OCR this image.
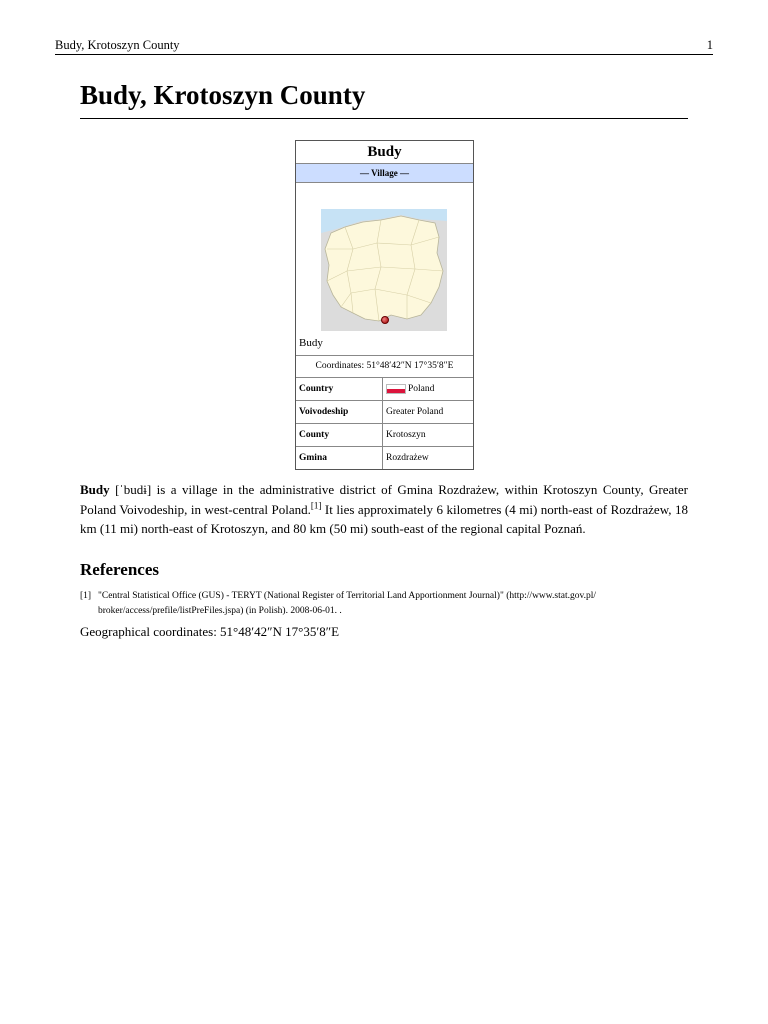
Budy, Krotoszyn County	1
Budy, Krotoszyn County
Budy
— Village —
Budy
Coordinates: 51°48′42″N 17°35′8″E
Country	Poland
Voivodeship	Greater Poland
County	Krotoszyn
Gmina	Rozdrażew

Budy [ˈbudɨ] is a village in the administrative district of Gmina Rozdrażew, within Krotoszyn County, Greater Poland Voivodeship, in west-central Poland.[1] It lies approximately 6 kilometres (4 mi) north-east of Rozdrażew, 18 km (11 mi) north-east of Krotoszyn, and 80 km (50 mi) south-east of the regional capital Poznań.

References
[1] "Central Statistical Office (GUS) - TERYT (National Register of Territorial Land Apportionment Journal)" (http://www.stat.gov.pl/
broker/access/prefile/listPreFiles.jspa) (in Polish). 2008-06-01. .

Geographical coordinates: 51°48′42″N 17°35′8″E
